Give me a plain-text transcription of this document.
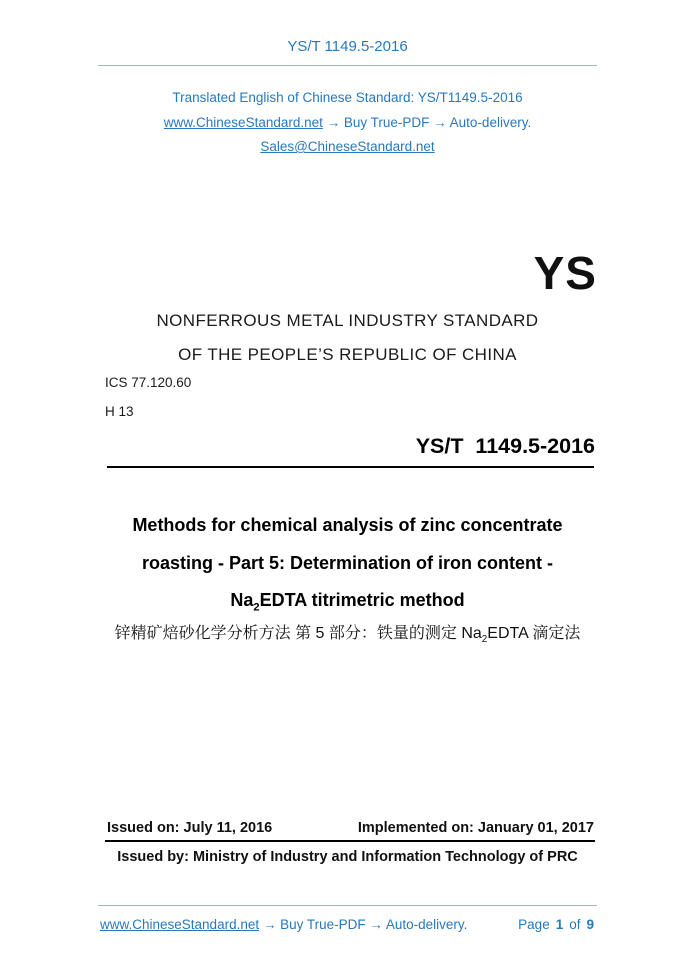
YS/T 1149.5-2016
Translated English of Chinese Standard: YS/T1149.5-2016
www.ChineseStandard.net → Buy True-PDF → Auto-delivery.
Sales@ChineseStandard.net
YS
NONFERROUS METAL INDUSTRY STANDARD
OF THE PEOPLE’S REPUBLIC OF CHINA
ICS 77.120.60
H 13
YS/T  1149.5-2016
Methods for chemical analysis of zinc concentrate
roasting - Part 5: Determination of iron content -
$Na_2EDTA$ titrimetric method
锌精矿焙砂化学分析方法 第 5 部分：铁量的测定 $Na_2EDTA$ 滴定法
Issued on: July 11, 2016	Implemented on: January 01, 2017
Issued by: Ministry of Industry and Information Technology of PRC
www.ChineseStandard.net → Buy True-PDF → Auto-delivery.	Page 1 of 9
